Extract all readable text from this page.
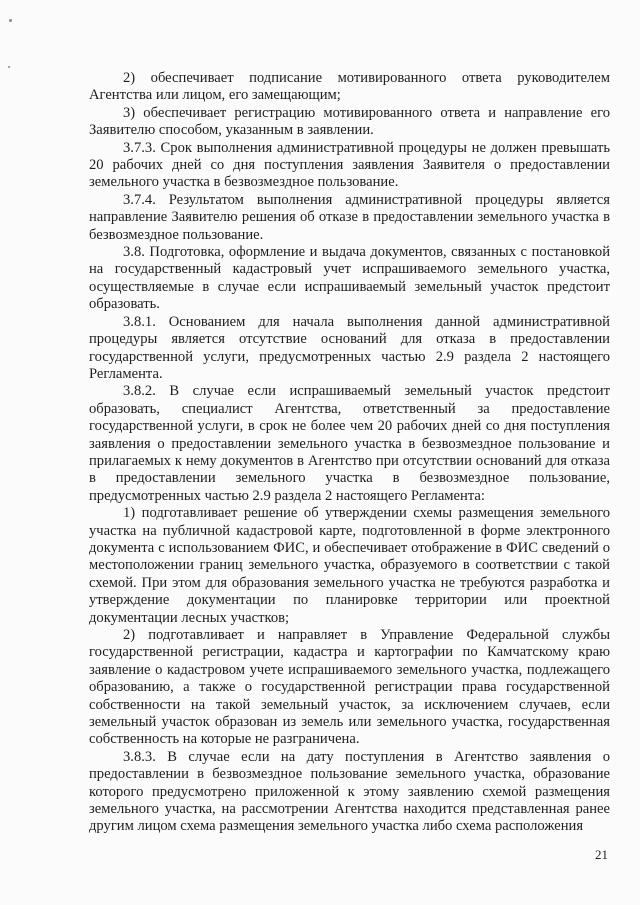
2) обеспечивает подписание мотивированного ответа руководителем Агентства или лицом, его замещающим;

3) обеспечивает регистрацию мотивированного ответа и направление его Заявителю способом, указанным в заявлении.

3.7.3. Срок выполнения административной процедуры не должен превышать 20 рабочих дней со дня поступления заявления Заявителя о предоставлении земельного участка в безвозмездное пользование.

3.7.4. Результатом выполнения административной процедуры является направление Заявителю решения об отказе в предоставлении земельного участка в безвозмездное пользование.

3.8. Подготовка, оформление и выдача документов, связанных с постановкой на государственный кадастровый учет испрашиваемого земельного участка, осуществляемые в случае если испрашиваемый земельный участок предстоит образовать.

3.8.1. Основанием для начала выполнения данной административной процедуры является отсутствие оснований для отказа в предоставлении государственной услуги, предусмотренных частью 2.9 раздела 2 настоящего Регламента.

3.8.2. В случае если испрашиваемый земельный участок предстоит образовать, специалист Агентства, ответственный за предоставление государственной услуги, в срок не более чем 20 рабочих дней со дня поступления заявления о предоставлении земельного участка в безвозмездное пользование и прилагаемых к нему документов в Агентство при отсутствии оснований для отказа в предоставлении земельного участка в безвозмездное пользование, предусмотренных частью 2.9 раздела 2 настоящего Регламента:

1) подготавливает решение об утверждении схемы размещения земельного участка на публичной кадастровой карте, подготовленной в форме электронного документа с использованием ФИС, и обеспечивает отображение в ФИС сведений о местоположении границ земельного участка, образуемого в соответствии с такой схемой. При этом для образования земельного участка не требуются разработка и утверждение документации по планировке территории или проектной документации лесных участков;

2) подготавливает и направляет в Управление Федеральной службы государственной регистрации, кадастра и картографии по Камчатскому краю заявление о кадастровом учете испрашиваемого земельного участка, подлежащего образованию, а также о государственной регистрации права государственной собственности на такой земельный участок, за исключением случаев, если земельный участок образован из земель или земельного участка, государственная собственность на которые не разграничена.

3.8.3. В случае если на дату поступления в Агентство заявления о предоставлении в безвозмездное пользование земельного участка, образование которого предусмотрено приложенной к этому заявлению схемой размещения земельного участка, на рассмотрении Агентства находится представленная ранее другим лицом схема размещения земельного участка либо схема расположения

21
